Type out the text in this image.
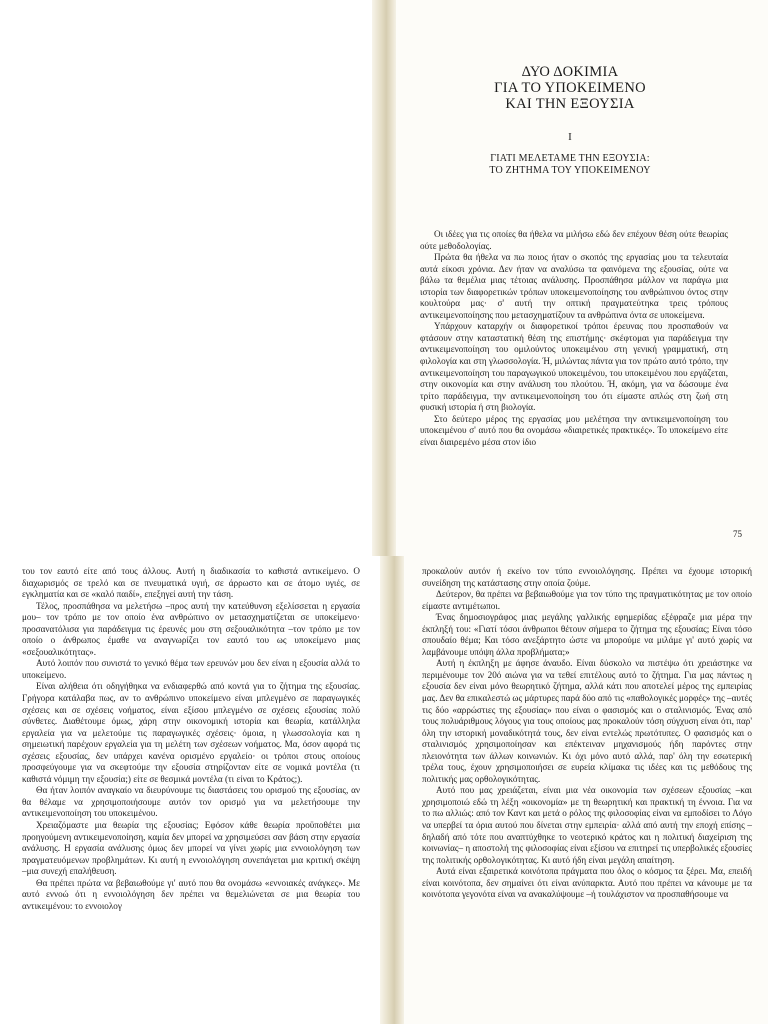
ΔΥΟ ΔΟΚΙΜΙΑ
ΓΙΑ ΤΟ ΥΠΟΚΕΙΜΕΝΟ
ΚΑΙ ΤΗΝ ΕΞΟΥΣΙΑ
I
ΓΙΑΤΙ ΜΕΛΕΤΑΜΕ ΤΗΝ ΕΞΟΥΣΙΑ:
ΤΟ ΖΗΤΗΜΑ ΤΟΥ ΥΠΟΚΕΙΜΕΝΟΥ

Οι ιδέες για τις οποίες θα ήθελα να μιλήσω εδώ δεν επέχουν θέση ούτε θεωρίας ούτε μεθοδολογίας.

Πρώτα θα ήθελα να πω ποιος ήταν ο σκοπός της εργασίας μου τα τελευταία αυτά είκοσι χρόνια. Δεν ήταν να αναλύσω τα φαινόμενα της εξουσίας, ούτε να βάλω τα θεμέλια μιας τέτοιας ανάλυσης. Προσπάθησα μάλλον να παράγω μια ιστορία των διαφορετικών τρόπων υποκειμενοποίησης του ανθρώπινου όντος στην κουλτούρα μας· σ' αυτή την οπτική πραγματεύτηκα τρεις τρόπους αντικειμενοποίησης που μετασχηματίζουν τα ανθρώπινα όντα σε υποκείμενα.

Υπάρχουν καταρχήν οι διαφορετικοί τρόποι έρευνας που προσπαθούν να φτάσουν στην καταστατική θέση της επιστήμης· σκέφτομαι για παράδειγμα την αντικειμενοποίηση του ομιλούντος υποκειμένου στη γενική γραμματική, στη φιλολογία και στη γλωσσολογία. Ή, μιλώντας πάντα για τον πρώτο αυτό τρόπο, την αντικειμενοποίηση του παραγωγικού υποκειμένου, του υποκειμένου που εργάζεται, στην οικονομία και στην ανάλυση του πλούτου. Ή, ακόμη, για να δώσουμε ένα τρίτο παράδειγμα, την αντικειμενοποίηση του ότι είμαστε απλώς στη ζωή στη φυσική ιστορία ή στη βιολογία.

Στο δεύτερο μέρος της εργασίας μου μελέτησα την αντικειμενοποίηση του υποκειμένου σ' αυτό που θα ονομάσω «διαιρετικές πρακτικές». Το υποκείμενο είτε είναι διαιρεμένο μέσα στον ίδιο

75

του τον εαυτό είτε από τους άλλους. Αυτή η διαδικασία το καθιστά αντικείμενο. Ο διαχωρισμός σε τρελό και σε πνευματικά υγιή, σε άρρωστο και σε άτομο υγιές, σε εγκληματία και σε «καλό παιδί», επεξηγεί αυτή την τάση.

Τέλος, προσπάθησα να μελετήσω –προς αυτή την κατεύθυνση εξελίσσεται η εργασία μου– τον τρόπο με τον οποίο ένα ανθρώπινο ον μετασχηματίζεται σε υποκείμενο· προσανατόλισα για παράδειγμα τις έρευνές μου στη σεξουαλικότητα –τον τρόπο με τον οποίο ο άνθρωπος έμαθε να αναγνωρίζει τον εαυτό του ως υποκείμενο μιας «σεξουαλικότητας».

Αυτό λοιπόν που συνιστά το γενικό θέμα των ερευνών μου δεν είναι η εξουσία αλλά το υποκείμενο.

Είναι αλήθεια ότι οδηγήθηκα να ενδιαφερθώ από κοντά για το ζήτημα της εξουσίας. Γρήγορα κατάλαβα πως, αν το ανθρώπινο υποκείμενο είναι μπλεγμένο σε παραγωγικές σχέσεις και σε σχέσεις νοήματος, είναι εξίσου μπλεγμένο σε σχέσεις εξουσίας πολύ σύνθετες. Διαθέτουμε όμως, χάρη στην οικονομική ιστορία και θεωρία, κατάλληλα εργαλεία για να μελετούμε τις παραγωγικές σχέσεις· όμοια, η γλωσσολογία και η σημειωτική παρέχουν εργαλεία για τη μελέτη των σχέσεων νοήματος. Μα, όσον αφορά τις σχέσεις εξουσίας, δεν υπάρχει κανένα ορισμένο εργαλείο· οι τρόποι στους οποίους προσφεύγουμε για να σκεφτούμε την εξουσία στηρίζονταν είτε σε νομικά μοντέλα (τι καθιστά νόμιμη την εξουσία;) είτε σε θεσμικά μοντέλα (τι είναι το Κράτος;).

Θα ήταν λοιπόν αναγκαίο να διευρύνουμε τις διαστάσεις του ορισμού της εξουσίας, αν θα θέλαμε να χρησιμοποιήσουμε αυτόν τον ορισμό για να μελετήσουμε την αντικειμενοποίηση του υποκειμένου.

Χρειαζόμαστε μια θεωρία της εξουσίας; Εφόσον κάθε θεωρία προϋποθέτει μια προηγούμενη αντικειμενοποίηση, καμία δεν μπορεί να χρησιμεύσει σαν βάση στην εργασία ανάλυσης. Η εργασία ανάλυσης όμως δεν μπορεί να γίνει χωρίς μια εννοιολόγηση των πραγματευόμενων προβλημάτων. Κι αυτή η εννοιολόγηση συνεπάγεται μια κριτική σκέψη –μια συνεχή επαλήθευση.

Θα πρέπει πρώτα να βεβαιωθούμε γι' αυτό που θα ονομάσω «εννοιακές ανάγκες». Με αυτό εννοώ ότι η εννοιολόγηση δεν πρέπει να θεμελιώνεται σε μια θεωρία του αντικειμένου: το εννοιολογ

προκαλούν αυτόν ή εκείνο τον τύπο εννοιολόγησης. Πρέπει να έχουμε ιστορική συνείδηση της κατάστασης στην οποία ζούμε.

Δεύτερον, θα πρέπει να βεβαιωθούμε για τον τύπο της πραγματικότητας με τον οποίο είμαστε αντιμέτωποι.

Ένας δημοσιογράφος μιας μεγάλης γαλλικής εφημερίδας εξέφραζε μια μέρα την έκπληξή του: «Γιατί τόσοι άνθρωποι θέτουν σήμερα το ζήτημα της εξουσίας; Είναι τόσο σπουδαίο θέμα; Και τόσο ανεξάρτητο ώστε να μπορούμε να μιλάμε γι' αυτό χωρίς να λαμβάνουμε υπόψη άλλα προβλήματα;»

Αυτή η έκπληξη με άφησε άναυδο. Είναι δύσκολο να πιστέψω ότι χρειάστηκε να περιμένουμε τον 20ό αιώνα για να τεθεί επιτέλους αυτό το ζήτημα. Για μας πάντως η εξουσία δεν είναι μόνο θεωρητικό ζήτημα, αλλά κάτι που αποτελεί μέρος της εμπειρίας μας. Δεν θα επικαλεστώ ως μάρτυρες παρά δύο από τις «παθολογικές μορφές» της –αυτές τις δύο «αρρώστιες της εξουσίας» που είναι ο φασισμός και ο σταλινισμός. Ένας από τους πολυάριθμους λόγους για τους οποίους μας προκαλούν τόση σύγχυση είναι ότι, παρ' όλη την ιστορική μοναδικότητά τους, δεν είναι εντελώς πρωτότυπες. Ο φασισμός και ο σταλινισμός χρησιμοποίησαν και επέκτειναν μηχανισμούς ήδη παρόντες στην πλειονότητα των άλλων κοινωνιών. Κι όχι μόνο αυτό αλλά, παρ' όλη την εσωτερική τρέλα τους, έχουν χρησιμοποιήσει σε ευρεία κλίμακα τις ιδέες και τις μεθόδους της πολιτικής μας ορθολογικότητας.

Αυτό που μας χρειάζεται, είναι μια νέα οικονομία των σχέσεων εξουσίας –και χρησιμοποιώ εδώ τη λέξη «οικονομία» με τη θεωρητική και πρακτική τη έννοια. Για να το πω αλλιώς: από τον Καντ και μετά ο ρόλος της φιλοσοφίας είναι να εμποδίσει το Λόγο να υπερβεί τα όρια αυτού που δίνεται στην εμπειρία· αλλά από αυτή την εποχή επίσης –δηλαδή από τότε που αναπτύχθηκε το νεοτερικό κράτος και η πολιτική διαχείριση της κοινωνίας– η αποστολή της φιλοσοφίας είναι εξίσου να επιτηρεί τις υπερβολικές εξουσίες της πολιτικής ορθολογικότητας. Κι αυτό ήδη είναι μεγάλη απαίτηση.

Αυτά είναι εξαιρετικά κοινότοπα πράγματα που όλος ο κόσμος τα ξέρει. Μα, επειδή είναι κοινότοπα, δεν σημαίνει ότι είναι ανύπαρκτα. Αυτό που πρέπει να κάνουμε με τα κοινότοπα γεγονότα είναι να ανακαλύψουμε –ή τουλάχιστον να προσπαθήσουμε να
